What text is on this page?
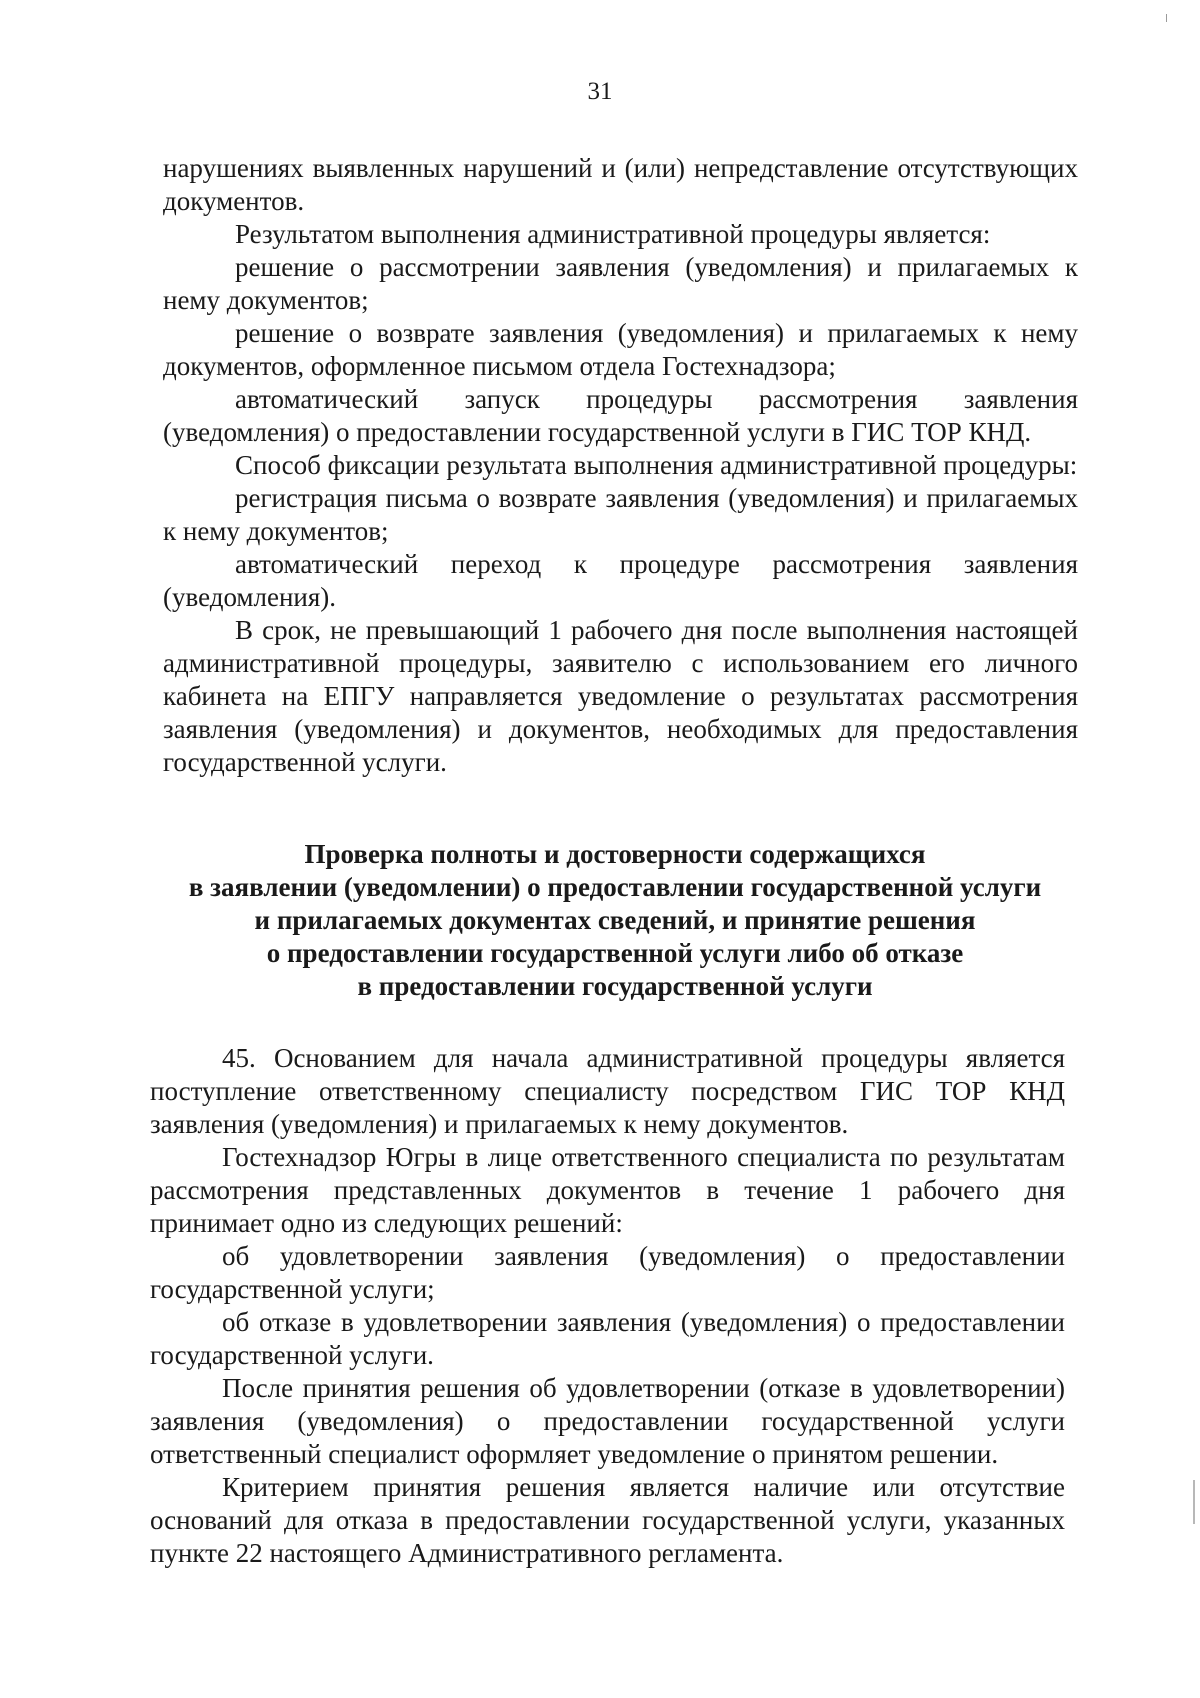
31

нарушениях выявленных нарушений и (или) непредставление отсутствующих документов.

Результатом выполнения административной процедуры является:

решение о рассмотрении заявления (уведомления) и прилагаемых к нему документов;

решение о возврате заявления (уведомления) и прилагаемых к нему документов, оформленное письмом отдела Гостехнадзора;

автоматический запуск процедуры рассмотрения заявления (уведомления) о предоставлении государственной услуги в ГИС ТОР КНД.

Способ фиксации результата выполнения административной процедуры:

регистрация письма о возврате заявления (уведомления) и прилагаемых к нему документов;

автоматический переход к процедуре рассмотрения заявления (уведомления).

В срок, не превышающий 1 рабочего дня после выполнения настоящей административной процедуры, заявителю с использованием его личного кабинета на ЕПГУ направляется уведомление о результатах рассмотрения заявления (уведомления) и документов, необходимых для предоставления государственной услуги.

Проверка полноты и достоверности содержащихся
в заявлении (уведомлении) о предоставлении государственной услуги
и прилагаемых документах сведений, и принятие решения
о предоставлении государственной услуги либо об отказе
в предоставлении государственной услуги

45. Основанием для начала административной процедуры является поступление ответственному специалисту посредством ГИС ТОР КНД заявления (уведомления) и прилагаемых к нему документов.

Гостехнадзор Югры в лице ответственного специалиста по результатам рассмотрения представленных документов в течение 1 рабочего дня принимает одно из следующих решений:

об удовлетворении заявления (уведомления) о предоставлении государственной услуги;

об отказе в удовлетворении заявления (уведомления) о предоставлении государственной услуги.

После принятия решения об удовлетворении (отказе в удовлетворении) заявления (уведомления) о предоставлении государственной услуги ответственный специалист оформляет уведомление о принятом решении.

Критерием принятия решения является наличие или отсутствие оснований для отказа в предоставлении государственной услуги, указанных пункте 22 настоящего Административного регламента.
